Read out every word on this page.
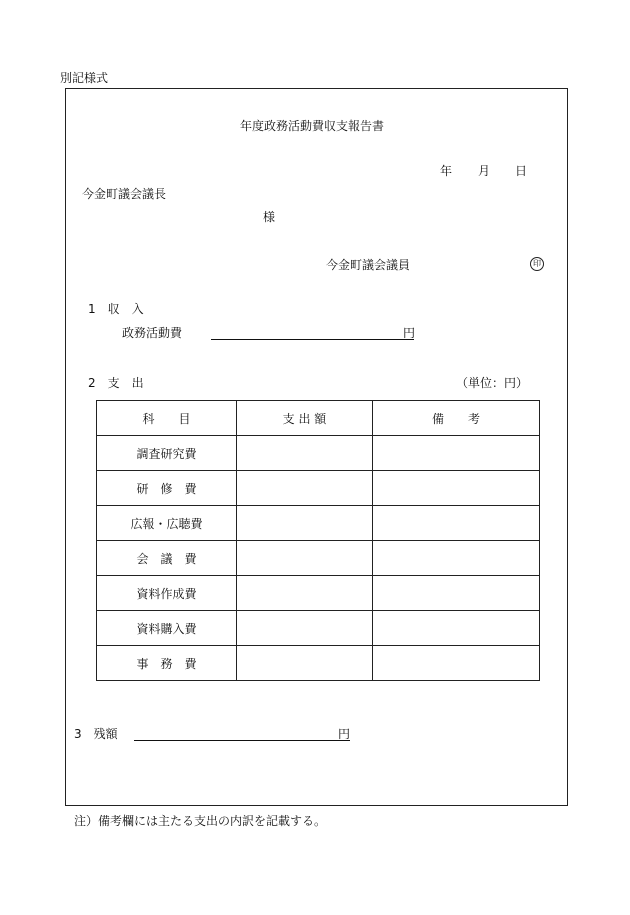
別記様式
年度政務活動費収支報告書
年 月 日
今金町議会議長
様
今金町議会議員	印
1　収　入
政務活動費	円
2　支　出	（単位：円）
科　　目	支 出 額	備　　考
調査研究費		
研　修　費		
広報・広聴費		
会　議　費		
資料作成費		
資料購入費		
事　務　費		
3　残額	円
注）備考欄には主たる支出の内訳を記載する。
